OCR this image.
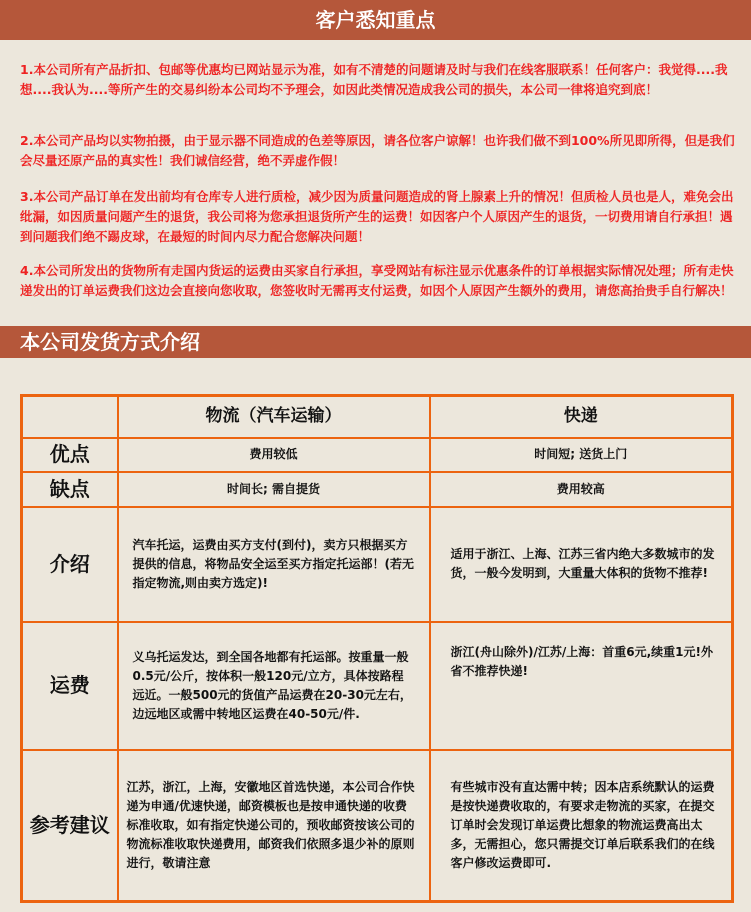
客户悉知重点
1.本公司所有产品折扣、包邮等优惠均已网站显示为准，如有不清楚的问题请及时与我们在线客服联系！任何客户：我觉得....我想....我认为....等所产生的交易纠纷本公司均不予理会，如因此类情况造成我公司的损失，本公司一律将追究到底！
2.本公司产品均以实物拍摄，由于显示器不同造成的色差等原因，请各位客户谅解！也许我们做不到100%所见即所得，但是我们会尽量还原产品的真实性！我们诚信经营，绝不弄虚作假！
3.本公司产品订单在发出前均有仓库专人进行质检，减少因为质量问题造成的肾上腺素上升的情况！但质检人员也是人，难免会出纰漏，如因质量问题产生的退货，我公司将为您承担退货所产生的运费！如因客户个人原因产生的退货，一切费用请自行承担！遇到问题我们绝不踢皮球，在最短的时间内尽力配合您解决问题！
4.本公司所发出的货物所有走国内货运的运费由买家自行承担，享受网站有标注显示优惠条件的订单根据实际情况处理；所有走快递发出的订单运费我们这边会直接向您收取，您签收时无需再支付运费，如因个人原因产生额外的费用，请您高抬贵手自行解决！
本公司发货方式介绍
	物流（汽车运输）	快递
优点	费用较低	时间短; 送货上门
缺点	时间长; 需自提货	费用较高
介绍	汽车托运，运费由买方支付(到付)，卖方只根据买方提供的信息，将物品安全运至买方指定托运部！(若无指定物流,则由卖方选定)!	适用于浙江、上海、江苏三省内绝大多数城市的发货，一般今发明到，大重量大体积的货物不推荐!
运费	义乌托运发达，到全国各地都有托运部。按重量一般0.5元/公斤，按体积一般120元/立方，具体按路程远近。一般500元的货值产品运费在20-30元左右，边远地区或需中转地区运费在40-50元/件.	浙江(舟山除外)/江苏/上海：首重6元,续重1元!外省不推荐快递!
参考建议	江苏，浙江，上海，安徽地区首选快递，本公司合作快递为申通/优速快递，邮资模板也是按申通快递的收费标准收取，如有指定快递公司的，预收邮资按该公司的物流标准收取快递费用，邮资我们依照多退少补的原则进行，敬请注意	有些城市没有直达需中转；因本店系统默认的运费是按快递费收取的，有要求走物流的买家，在提交订单时会发现订单运费比想象的物流运费高出太多，无需担心，您只需提交订单后联系我们的在线客户修改运费即可.
